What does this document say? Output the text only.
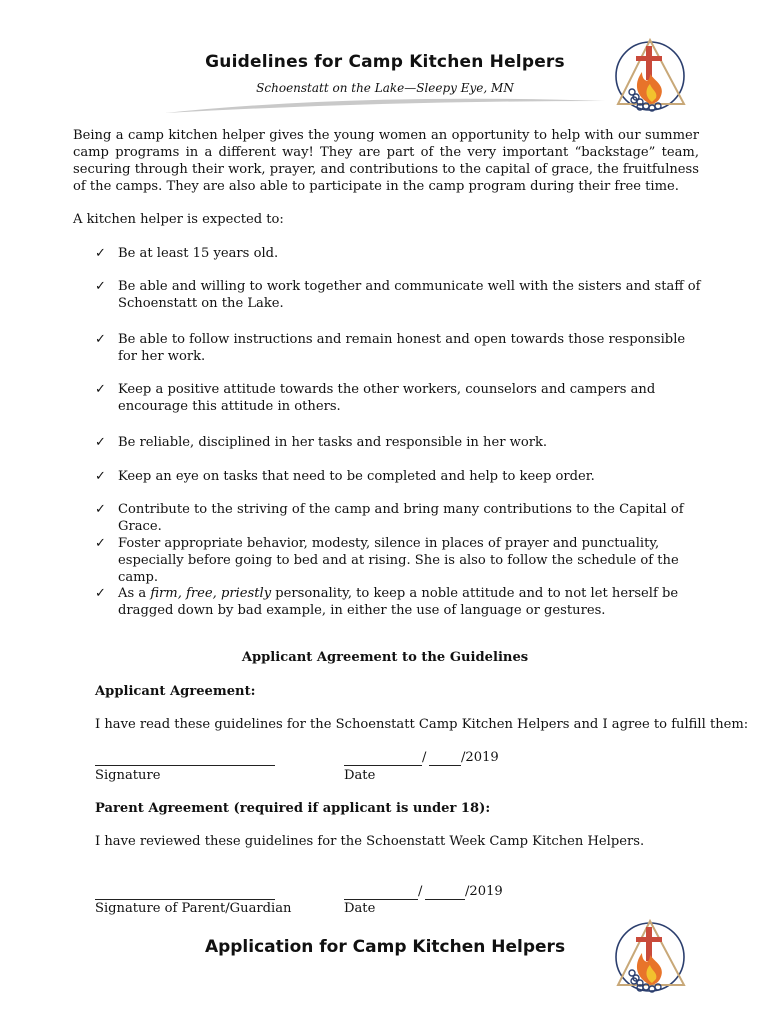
Guidelines for Camp Kitchen Helpers
Schoenstatt on the Lake—Sleepy Eye, MN
Being a camp kitchen helper gives the young women an opportunity to help with our summer camp programs in a different way! They are part of the very important “backstage” team, securing through their work, prayer, and contributions to the capital of grace, the fruitfulness of the camps. They are also able to participate in the camp program during their free time.
A kitchen helper is expected to:
✓ Be at least 15 years old.
✓ Be able and willing to work together and communicate well with the sisters and staff of Schoenstatt on the Lake.
✓ Be able to follow instructions and remain honest and open towards those responsible for her work.
✓ Keep a positive attitude towards the other workers, counselors and campers and encourage this attitude in others.
✓ Be reliable, disciplined in her tasks and responsible in her work.
✓ Keep an eye on tasks that need to be completed and help to keep order.
✓ Contribute to the striving of the camp and bring many contributions to the Capital of Grace.
✓ Foster appropriate behavior, modesty, silence in places of prayer and punctuality, especially before going to bed and at rising. She is also to follow the schedule of the camp.
✓ As a firm, free, priestly personality, to keep a noble attitude and to not let herself be dragged down by bad example, in either the use of language or gestures.
Applicant Agreement to the Guidelines
Applicant Agreement:
I have read these guidelines for the Schoenstatt Camp Kitchen Helpers and I agree to fulfill them:
/	/2019
Signature	Date
Parent Agreement (required if applicant is under 18):
I have reviewed these guidelines for the Schoenstatt Week Camp Kitchen Helpers.
/	/2019
Signature of Parent/Guardian	Date
Application for Camp Kitchen Helpers
